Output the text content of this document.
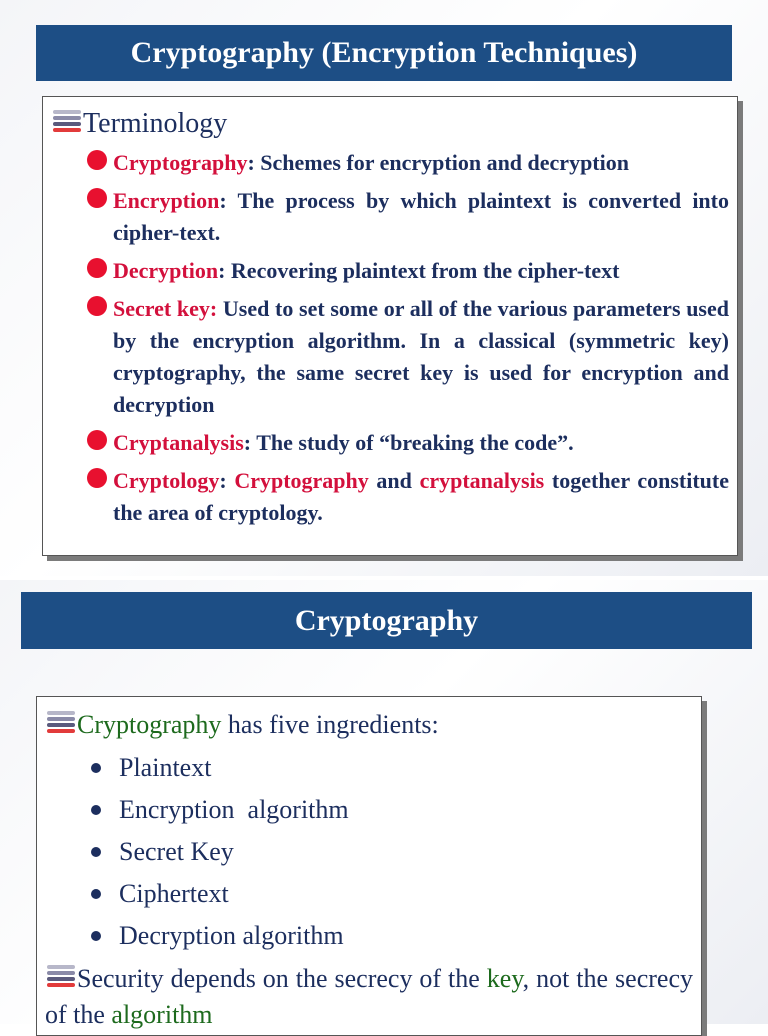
Cryptography (Encryption Techniques)
Terminology
Cryptography: Schemes for encryption and decryption
Encryption: The process by which plaintext is converted into cipher-text.
Decryption: Recovering plaintext from the cipher-text
Secret key: Used to set some or all of the various parameters used by the encryption algorithm. In a classical (symmetric key) cryptography, the same secret key is used for encryption and decryption
Cryptanalysis: The study of “breaking the code”.
Cryptology: Cryptography and cryptanalysis together constitute the area of cryptology.
Cryptography
Cryptography has five ingredients:
Plaintext
Encryption  algorithm
Secret Key
Ciphertext
Decryption algorithm
Security depends on the secrecy of the key, not the secrecy of the algorithm
